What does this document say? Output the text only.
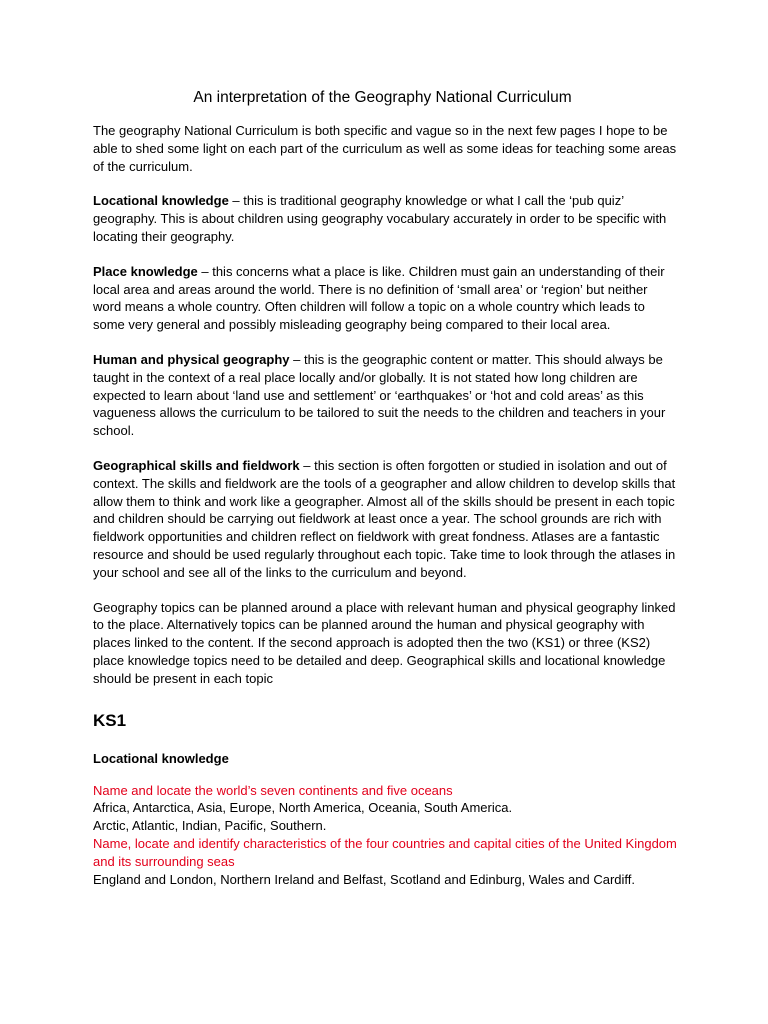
An interpretation of the Geography National Curriculum

The geography National Curriculum is both specific and vague so in the next few pages I hope to be able to shed some light on each part of the curriculum as well as some ideas for teaching some areas of the curriculum.

Locational knowledge – this is traditional geography knowledge or what I call the ‘pub quiz’ geography. This is about children using geography vocabulary accurately in order to be specific with locating their geography.

Place knowledge – this concerns what a place is like. Children must gain an understanding of their local area and areas around the world. There is no definition of ‘small area’ or ‘region’ but neither word means a whole country. Often children will follow a topic on a whole country which leads to some very general and possibly misleading geography being compared to their local area.

Human and physical geography – this is the geographic content or matter. This should always be taught in the context of a real place locally and/or globally. It is not stated how long children are expected to learn about ‘land use and settlement’ or ‘earthquakes’ or ‘hot and cold areas’ as this vagueness allows the curriculum to be tailored to suit the needs to the children and teachers in your school.

Geographical skills and fieldwork – this section is often forgotten or studied in isolation and out of context. The skills and fieldwork are the tools of a geographer and allow children to develop skills that allow them to think and work like a geographer. Almost all of the skills should be present in each topic and children should be carrying out fieldwork at least once a year. The school grounds are rich with fieldwork opportunities and children reflect on fieldwork with great fondness. Atlases are a fantastic resource and should be used regularly throughout each topic. Take time to look through the atlases in your school and see all of the links to the curriculum and beyond.

Geography topics can be planned around a place with relevant human and physical geography linked to the place. Alternatively topics can be planned around the human and physical geography with places linked to the content. If the second approach is adopted then the two (KS1) or three (KS2) place knowledge topics need to be detailed and deep. Geographical skills and locational knowledge should be present in each topic

KS1
Locational knowledge
Name and locate the world’s seven continents and five oceans
Africa, Antarctica, Asia, Europe, North America, Oceania, South America.
Arctic, Atlantic, Indian, Pacific, Southern.
Name, locate and identify characteristics of the four countries and capital cities of the United Kingdom and its surrounding seas
England and London, Northern Ireland and Belfast, Scotland and Edinburg, Wales and Cardiff.
